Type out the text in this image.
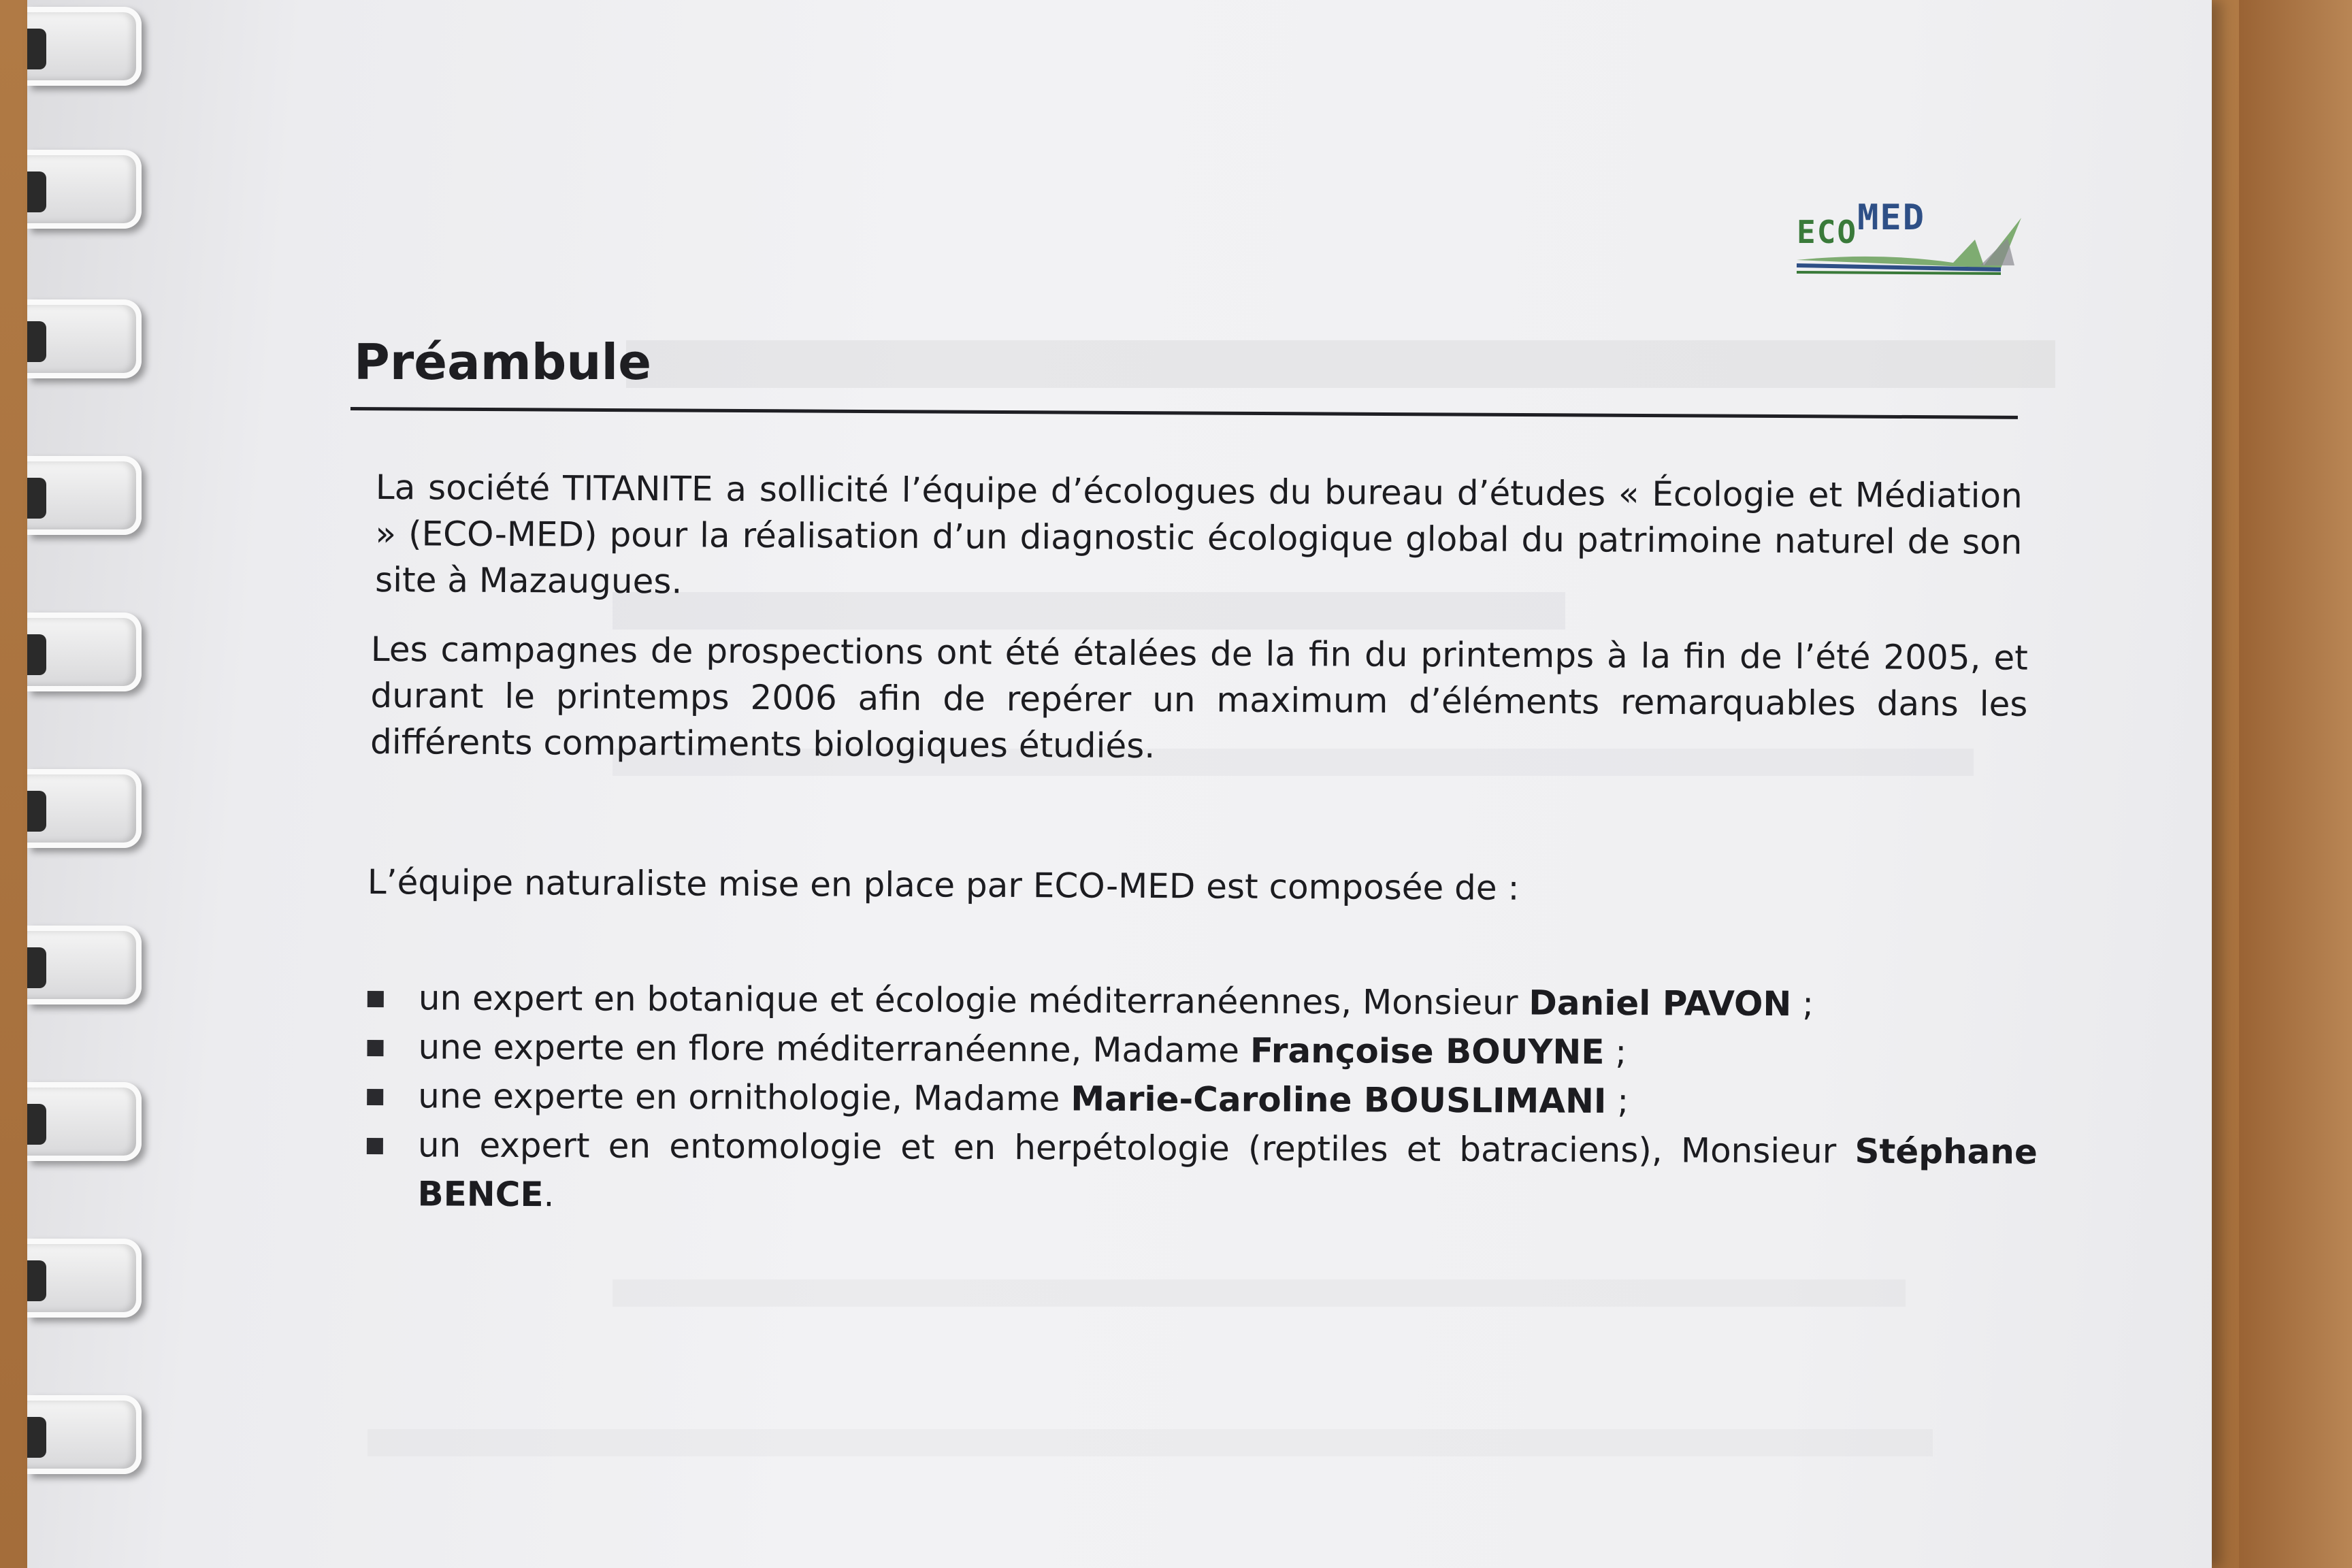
ECOMED
Préambule
La société TITANITE a sollicité l’équipe d’écologues du bureau d’études « Écologie et Médiation » (ECO-MED) pour la réalisation d’un diagnostic écologique global du patrimoine naturel de son site à Mazaugues.
Les campagnes de prospections ont été étalées de la fin du printemps à la fin de l’été 2005, et durant le printemps 2006 afin de repérer un maximum d’éléments remarquables dans les différents compartiments biologiques étudiés.
L’équipe naturaliste mise en place par ECO-MED est composée de :
un expert en botanique et écologie méditerranéennes, Monsieur Daniel PAVON ;
une experte en flore méditerranéenne, Madame Françoise BOUYNE ;
une experte en ornithologie, Madame Marie-Caroline BOUSLIMANI ;
un expert en entomologie et en herpétologie (reptiles et batraciens), Monsieur Stéphane BENCE.
